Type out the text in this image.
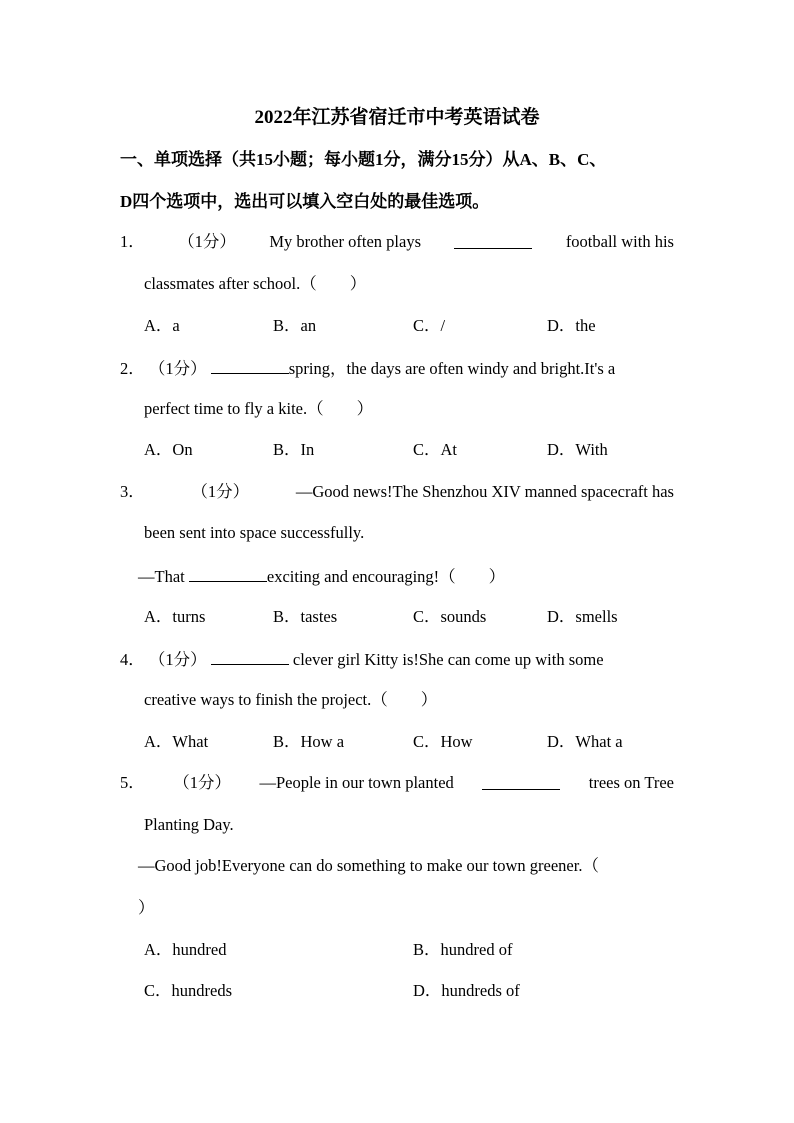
2022年江苏省宿迁市中考英语试卷
一、单项选择（共15小题；每小题1分，满分15分）从A、B、C、
D四个选项中，选出可以填入空白处的最佳选项。
1． （1分） My brother often plays	football with his
classmates after school.（　　）
A．a	B．an	C．/	D．the
2． （1分）	spring，the days are often windy and bright.It's a
perfect time to fly a kite.（　　）
A．On	B．In	C．At	D．With
3．	（1分）	—Good news!The Shenzhou XIV manned spacecraft has
been sent into space successfully.
—That	exciting and encouraging!（　　）
A．turns	B．tastes	C．sounds	D．smells
4． （1分）	clever girl Kitty is!She can come up with some
creative ways to finish the project.（　　）
A．What	B．How a	C．How	D．What a
5． （1分） —People in our town planted	trees on Tree
Planting Day.
—Good job!Everyone can do something to make our town greener.（
）
A．hundred	B．hundred of
C．hundreds	D．hundreds of
